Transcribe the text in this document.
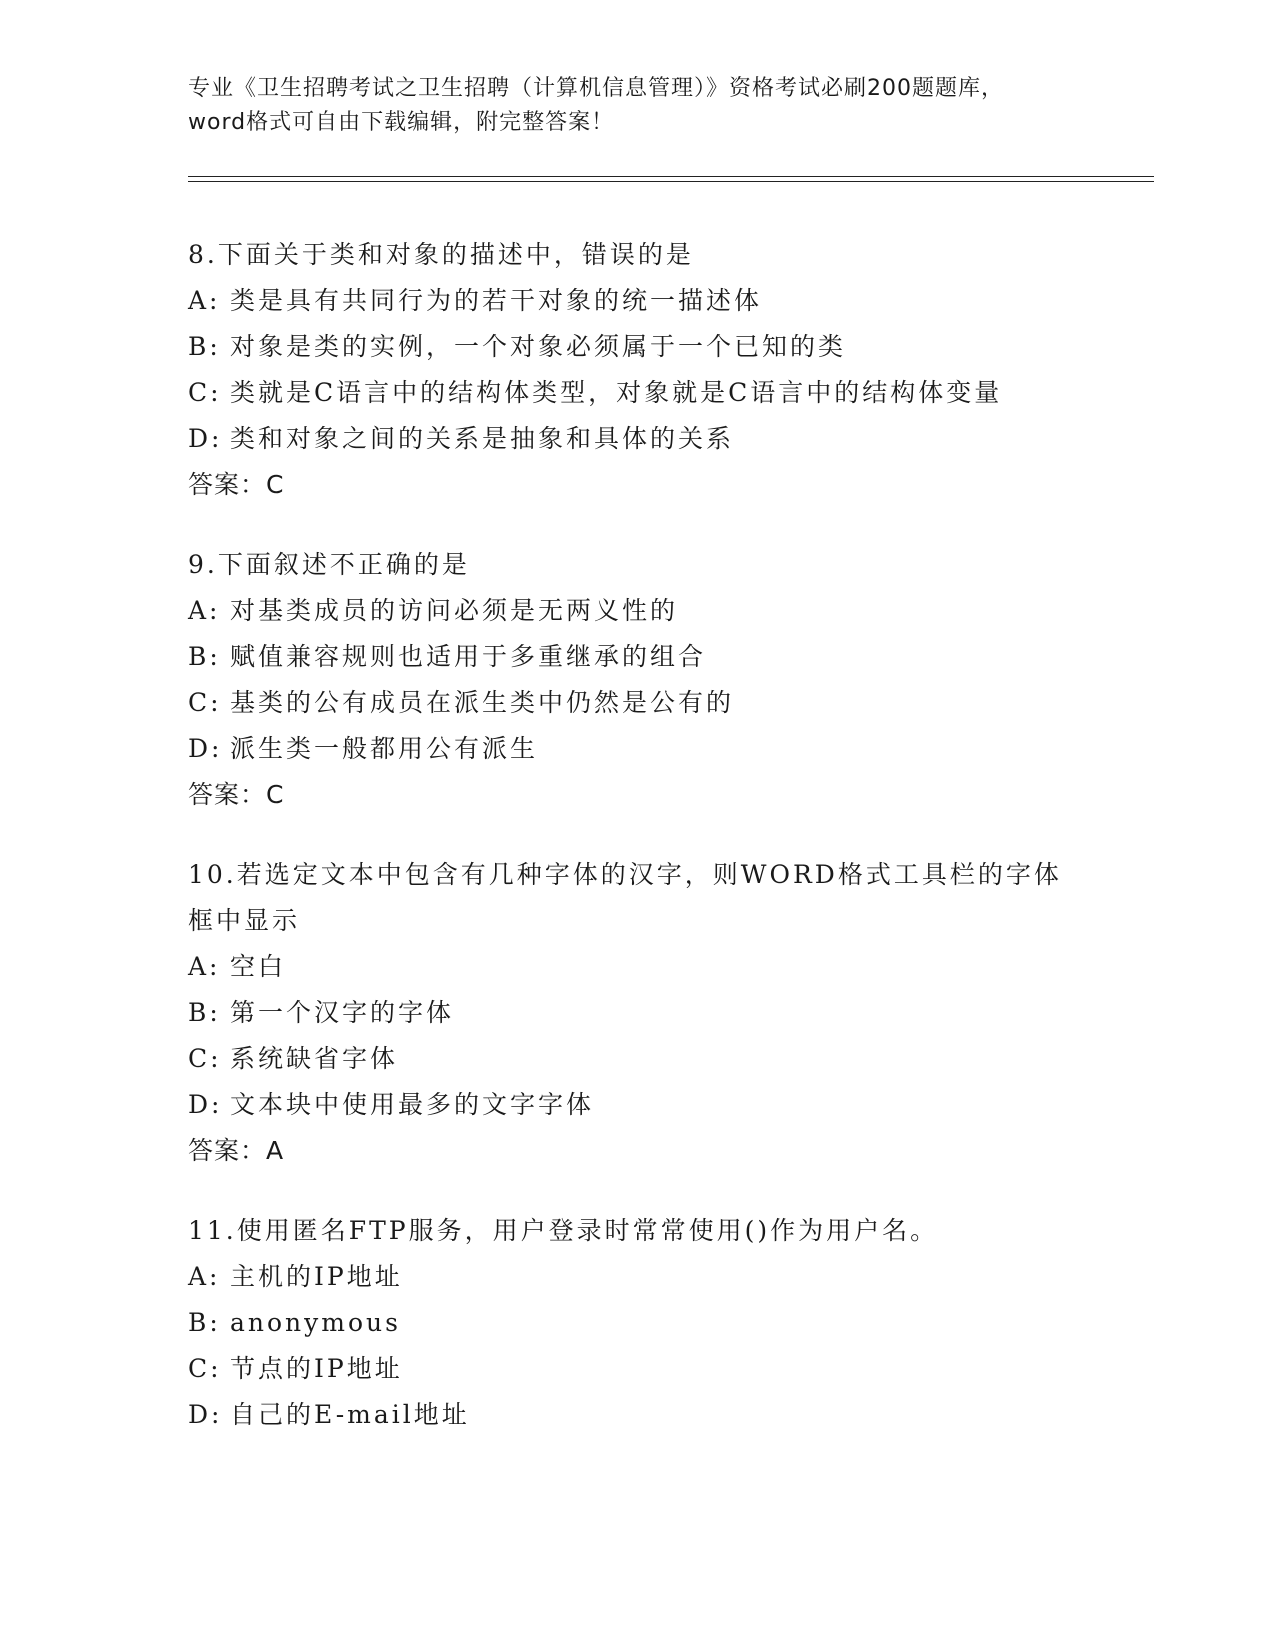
专业《卫生招聘考试之卫生招聘（计算机信息管理）》资格考试必刷200题题库，

word格式可自由下载编辑，附完整答案！

8.下面关于类和对象的描述中，错误的是
A: 类是具有共同行为的若干对象的统一描述体
B: 对象是类的实例，一个对象必须属于一个已知的类
C: 类就是C语言中的结构体类型，对象就是C语言中的结构体变量
D: 类和对象之间的关系是抽象和具体的关系
答案：C
9.下面叙述不正确的是
A: 对基类成员的访问必须是无两义性的
B: 赋值兼容规则也适用于多重继承的组合
C: 基类的公有成员在派生类中仍然是公有的
D: 派生类一般都用公有派生
答案：C
10.若选定文本中包含有几种字体的汉字，则WORD格式工具栏的字体框中显示
A: 空白
B: 第一个汉字的字体
C: 系统缺省字体
D: 文本块中使用最多的文字字体
答案：A
11.使用匿名FTP服务，用户登录时常常使用()作为用户名。
A: 主机的IP地址
B: anonymous
C: 节点的IP地址
D: 自己的E-mail地址
